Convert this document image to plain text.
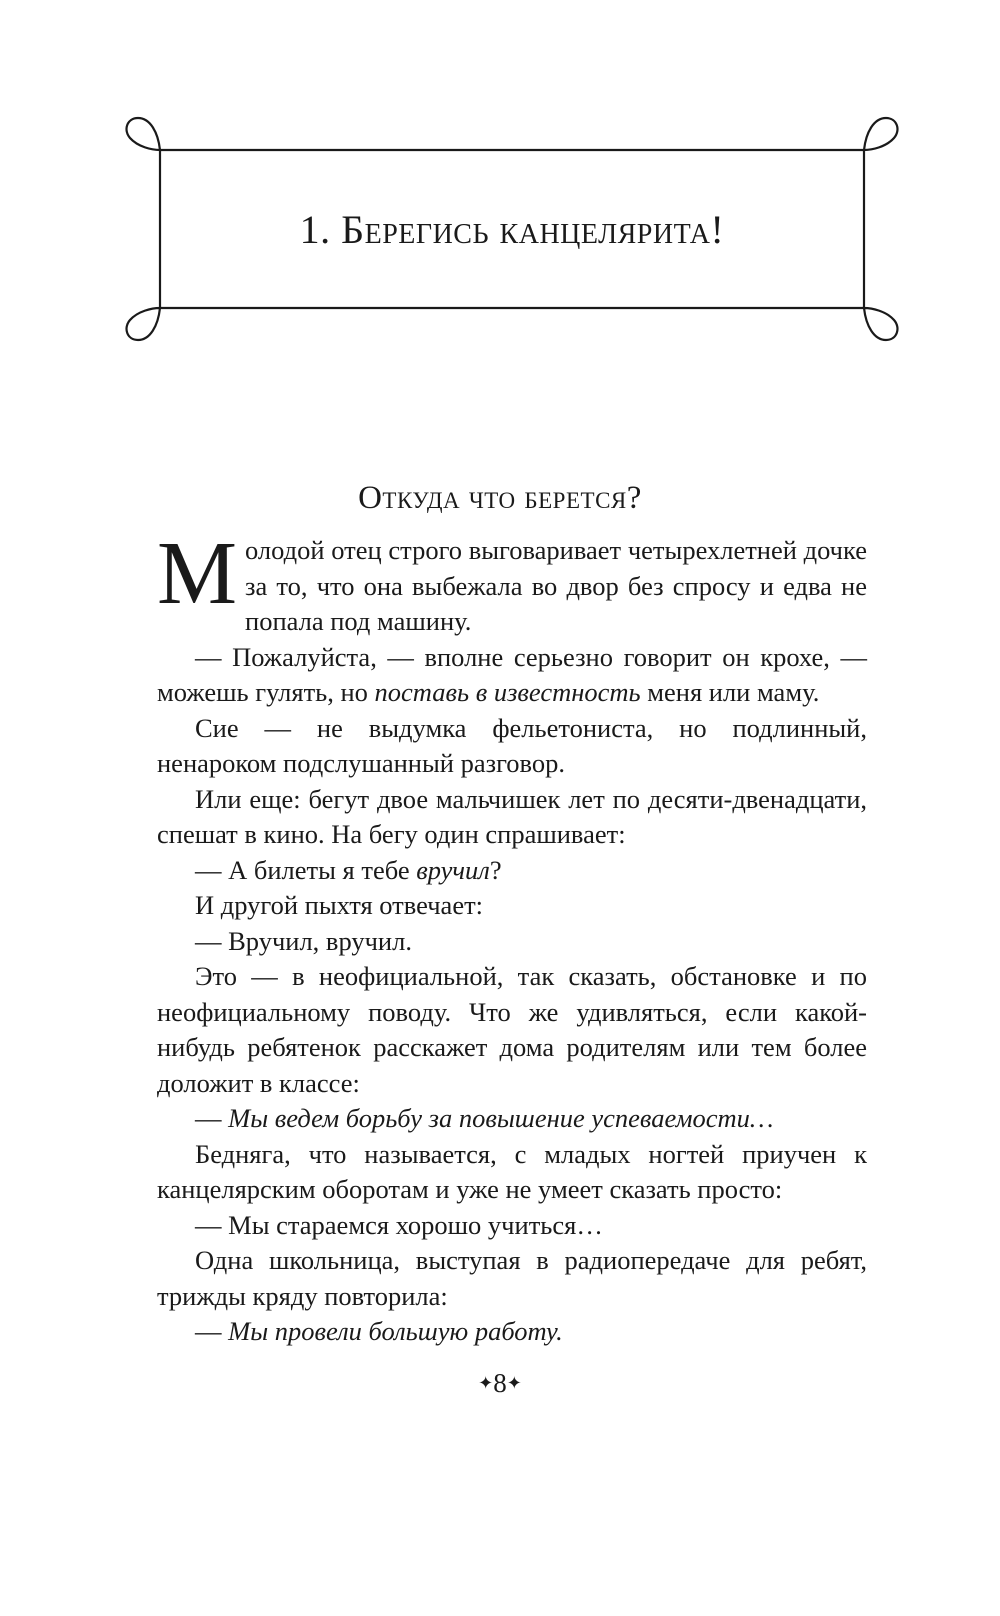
1. Берегись канцелярита!
Откуда что берется?

Молодой отец строго выговаривает четырехлетней дочке за то, что она выбежала во двор без спросу и едва не попала под машину.

— Пожалуйста, — вполне серьезно говорит он крохе, — можешь гулять, но поставь в известность меня или маму.

Сие — не выдумка фельетониста, но подлинный, ненароком подслушанный разговор.

Или еще: бегут двое мальчишек лет по десяти-двенадцати, спешат в кино. На бегу один спрашивает:

— А билеты я тебе вручил?

И другой пыхтя отвечает:

— Вручил, вручил.

Это — в неофициальной, так сказать, обстановке и по неофициальному поводу. Что же удивляться, если какой-нибудь ребятенок расскажет дома родителям или тем более доложит в классе:

— Мы ведем борьбу за повышение успеваемости…

Бедняга, что называется, с младых ногтей приучен к канцелярским оборотам и уже не умеет сказать просто:

— Мы стараемся хорошо учиться…

Одна школьница, выступая в радиопередаче для ребят, трижды кряду повторила:

— Мы провели большую работу.

✦8✦
